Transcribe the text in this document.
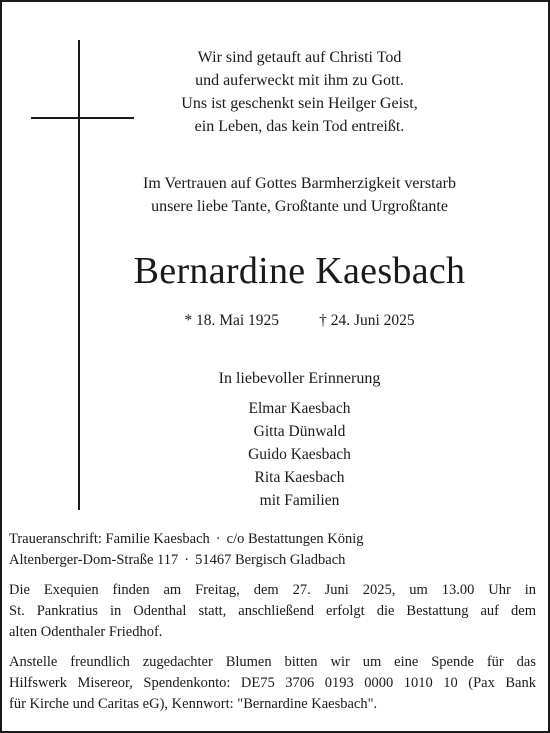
Wir sind getauft auf Christi Tod
und auferweckt mit ihm zu Gott.
Uns ist geschenkt sein Heilger Geist,
ein Leben, das kein Tod entreißt.
Im Vertrauen auf Gottes Barmherzigkeit verstarb
unsere liebe Tante, Großtante und Urgroßtante
Bernardine Kaesbach
* 18. Mai 1925	† 24. Juni 2025
In liebevoller Erinnerung
Elmar Kaesbach
Gitta Dünwald
Guido Kaesbach
Rita Kaesbach
mit Familien
Traueranschrift: Familie Kaesbach · c/o Bestattungen König
Altenberger-Dom-Straße 117 · 51467 Bergisch Gladbach
Die Exequien finden am Freitag, dem 27. Juni 2025, um 13.00 Uhr in
St. Pankratius in Odenthal statt, anschließend erfolgt die Bestattung auf dem
alten Odenthaler Friedhof.
Anstelle freundlich zugedachter Blumen bitten wir um eine Spende für das
Hilfswerk Misereor, Spendenkonto: DE75 3706 0193 0000 1010 10 (Pax Bank
für Kirche und Caritas eG), Kennwort: "Bernardine Kaesbach".
